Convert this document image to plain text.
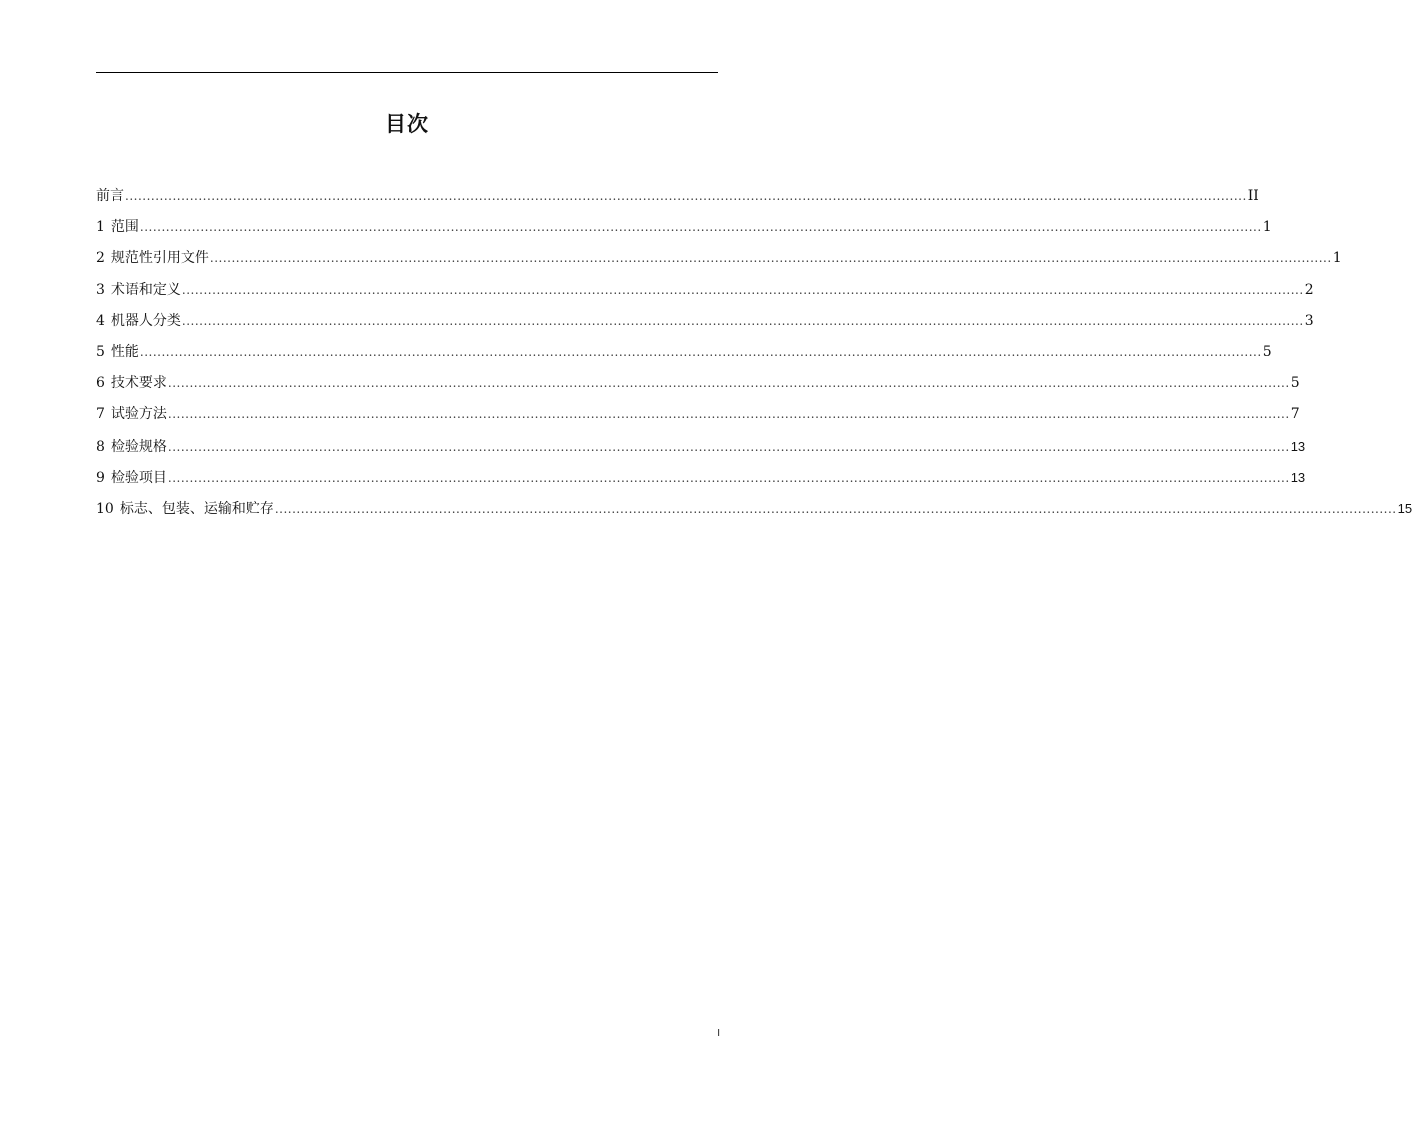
目次
前言 .................................................................................................................................................................................................................................................................... II
1 范围 .................................................................................................................................................................................................................................................................... 1
2 规范性引用文件 .................................................................................................................................................................................................................................................................... 1
3 术语和定义 .................................................................................................................................................................................................................................................................... 2
4 机器人分类 .................................................................................................................................................................................................................................................................... 3
5 性能 .................................................................................................................................................................................................................................................................... 5
6 技术要求 .................................................................................................................................................................................................................................................................... 5
7 试验方法 .................................................................................................................................................................................................................................................................... 7
8 检验规格 .................................................................................................................................................................................................................................................................... 13
9 检验项目 .................................................................................................................................................................................................................................................................... 13
10 标志、包装、运输和贮存 .................................................................................................................................................................................................................................................................... 15
I
